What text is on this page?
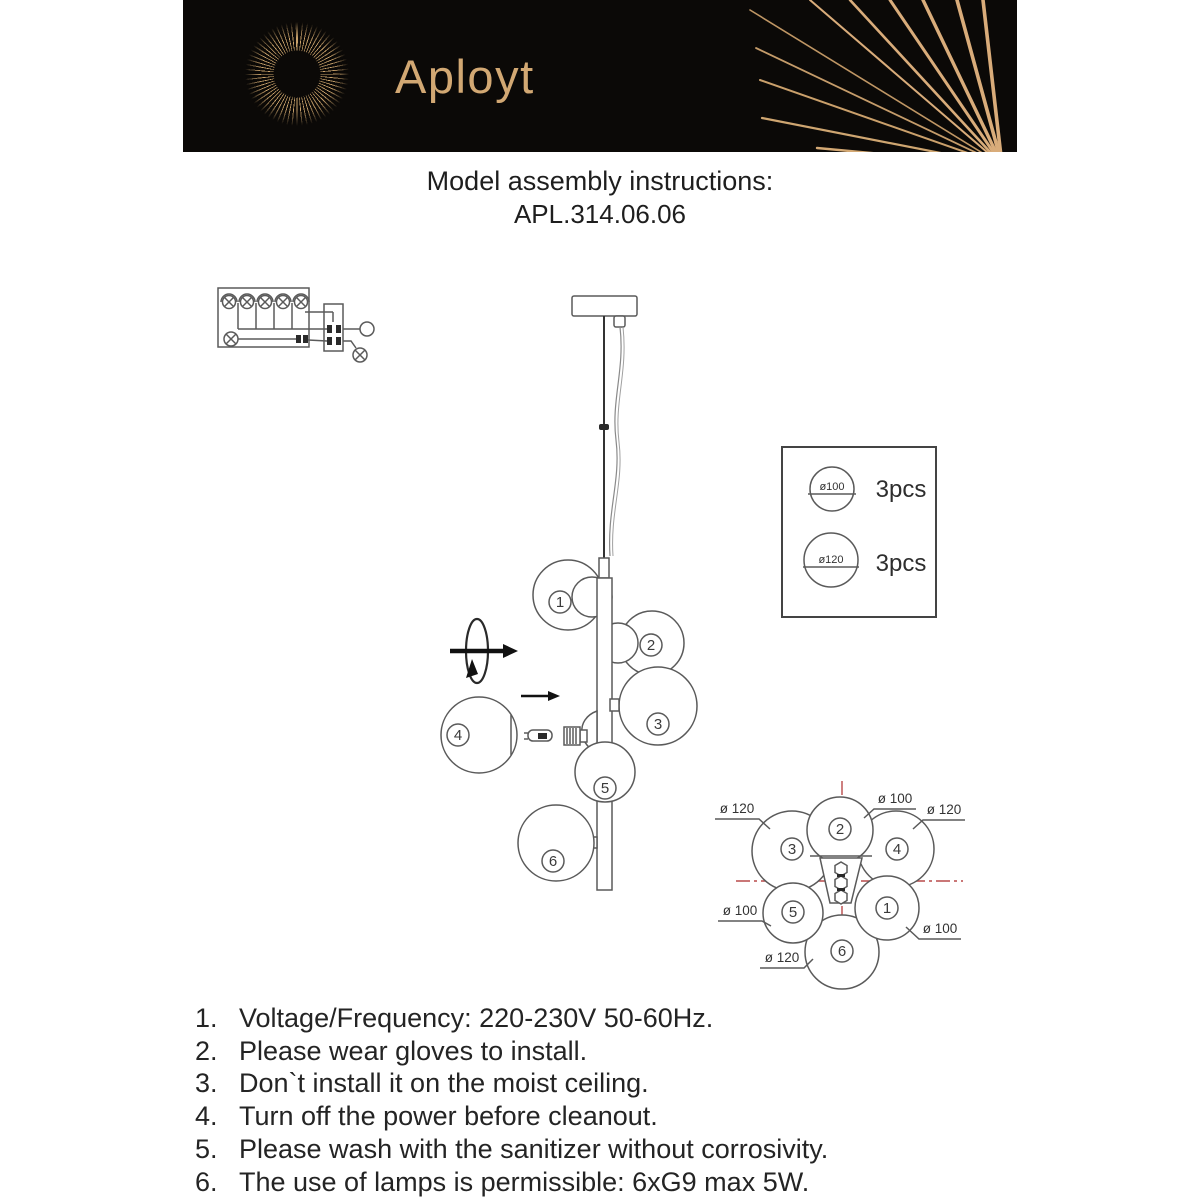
Aployt
Model assembly instructions:
APL.314.06.06
1
2
3
4
5
6
ø100 3pcs
ø120 3pcs
2
3	4
5	1
6
ø 120
ø 100
ø 120
ø 100
ø 100
ø 120
1. Voltage/Frequency: 220-230V 50-60Hz.
2. Please wear gloves to install.
3. Don`t install it on the moist ceiling.
4. Turn off the power before cleanout.
5. Please wash with the sanitizer without corrosivity.
6. The use of lamps is permissible: 6xG9 max 5W.
